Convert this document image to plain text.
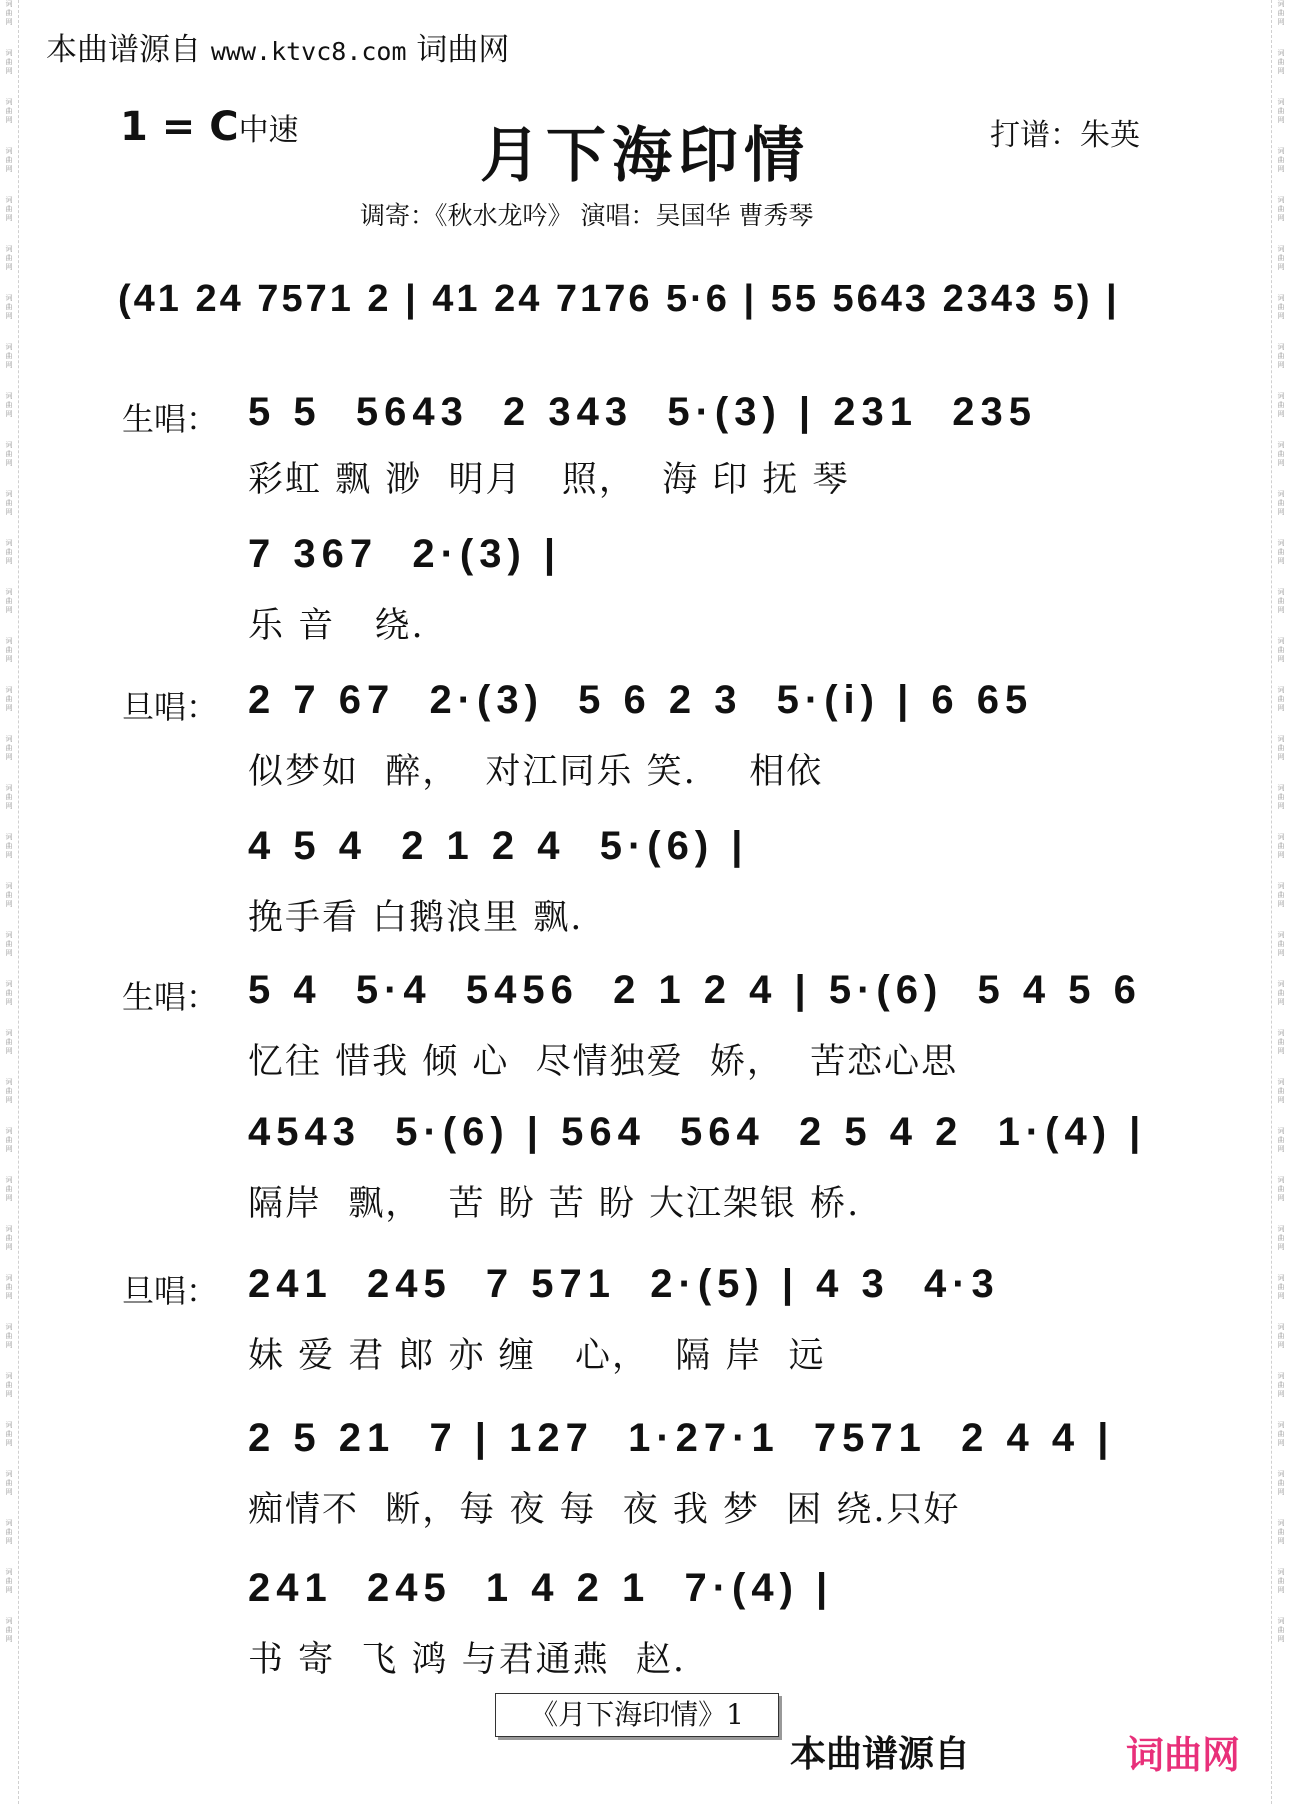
词
曲
网
词
曲
网
词
曲
网
词
曲
网
词
曲
网
词
曲
网
词
曲
网
词
曲
网
词
曲
网
词
曲
网
词
曲
网
词
曲
网
词
曲
网
词
曲
网
词
曲
网
词
曲
网
词
曲
网
词
曲
网
词
曲
网
词
曲
网
词
曲
网
词
曲
网
词
曲
网
词
曲
网
词
曲
网
词
曲
网
词
曲
网
词
曲
网
词
曲
网
词
曲
网
词
曲
网
词
曲
网
词
曲
网
词
曲
网
词
曲
网
词
曲
网
词
曲
网
词
曲
网
词
曲
网
词
曲
网
词
曲
网
词
曲
网
词
曲
网
词
曲
网
词
曲
网
词
曲
网
词
曲
网
词
曲
网
词
曲
网
词
曲
网
词
曲
网
词
曲
网
词
曲
网
词
曲
网
词
曲
网
词
曲
网
词
曲
网
词
曲
网
词
曲
网
词
曲
网
词
曲
网
词
曲
网
词
曲
网
词
曲
网
词
曲
网
词
曲
网
词
曲
网
词
曲
网
本曲谱源自 www.ktvc8.com 词曲网
1 = C中速	月下海印情	打谱：朱英
调寄：《秋水龙吟》 演唱：吴国华 曹秀琴
(41 24 7571 2 | 41 24 7176 5·6 | 55 5643 2343 5) |
生唱： 5 5  5643  2 343  5·(3) | 231  235
彩虹 飘 渺  明月   照，  海 印 抚 琴
7 367  2·(3) |
乐 音   绕.
旦唱： 2 7 67  2·(3)  5 6 2 3  5·(i) | 6 65
似梦如  醉，  对江同乐 笑.    相依
4 5 4  2 1 2 4  5·(6) |
挽手看 白鹅浪里 飘.
生唱： 5 4  5·4  5456  2 1 2 4 | 5·(6)  5 4 5 6
忆往 惜我 倾 心  尽情独爱  娇，  苦恋心思
4543  5·(6) | 564  564  2 5 4 2  1·(4) |
隔岸  飘，  苦 盼 苦 盼 大江架银 桥.
旦唱： 241  245  7 571  2·(5) | 4 3  4·3
妹 爱 君 郎 亦 缠   心，  隔 岸  远
2 5 21  7 | 127  1·27·1  7571  2 4 4 |
痴情不  断，每 夜 每  夜 我 梦  困 绕.只好
241  245  1 4 2 1  7·(4) |
书 寄  飞 鸿 与君通燕  赵.
《月下海印情》1
本曲谱源自	词曲网
